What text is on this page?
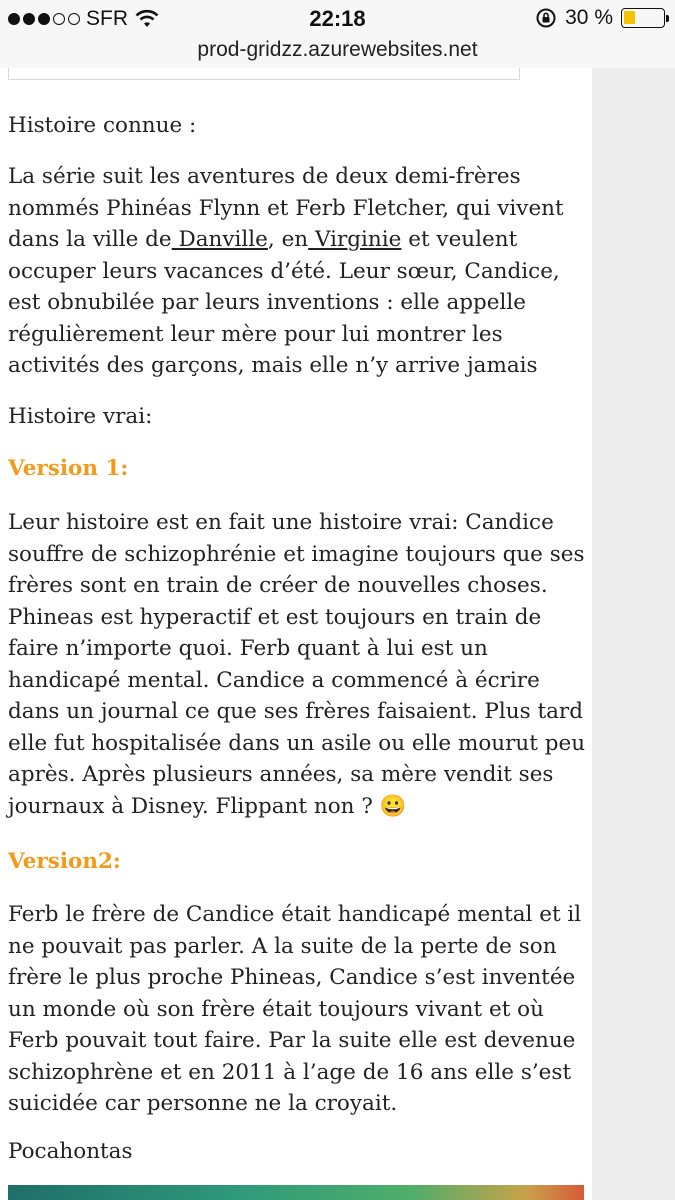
SFR	22:18	30 %
prod-gridzz.azurewebsites.net
Histoire connue :
La série suit les aventures de deux demi-frères nommés Phinéas Flynn et Ferb Fletcher, qui vivent dans la ville de Danville, en Virginie et veulent occuper leurs vacances d’été. Leur sœur, Candice, est obnubilée par leurs inventions : elle appelle régulièrement leur mère pour lui montrer les activités des garçons, mais elle n’y arrive jamais
Histoire vrai:
Version 1:
Leur histoire est en fait une histoire vrai: Candice souffre de schizophrénie et imagine toujours que ses frères sont en train de créer de nouvelles choses. Phineas est hyperactif et est toujours en train de faire n’importe quoi. Ferb quant à lui est un handicapé mental. Candice a commencé à écrire dans un journal ce que ses frères faisaient. Plus tard elle fut hospitalisée dans un asile ou elle mourut peu après. Après plusieurs années, sa mère vendit ses journaux à Disney. Flippant non ? 😀
Version2:
Ferb le frère de Candice était handicapé mental et il ne pouvait pas parler. A la suite de la perte de son frère le plus proche Phineas, Candice s’est inventée un monde où son frère était toujours vivant et où Ferb pouvait tout faire. Par la suite elle est devenue schizophrène et en 2011 à l’age de 16 ans elle s’est suicidée car personne ne la croyait.
Pocahontas
